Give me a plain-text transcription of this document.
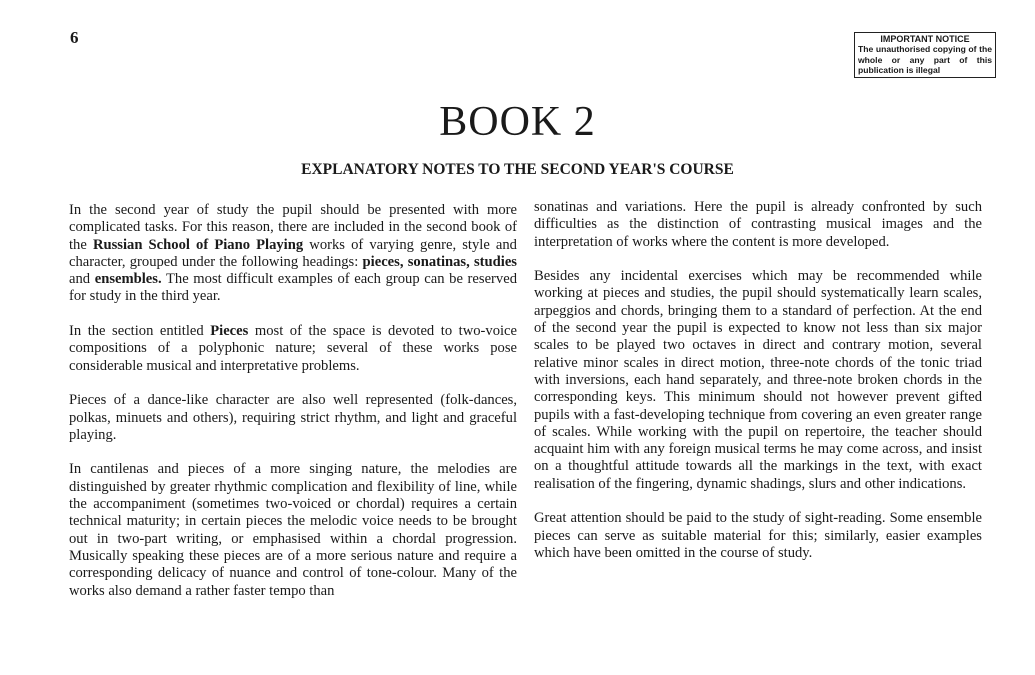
6	IMPORTANT NOTICE
The unauthorised copying of the whole or any part of this publication is illegal
BOOK 2
EXPLANATORY NOTES TO THE SECOND YEAR'S COURSE

In the second year of study the pupil should be presented with more complicated tasks. For this reason, there are included in the second book of the Russian School of Piano Playing works of varying genre, style and character, grouped under the following headings: pieces, sonatinas, studies and ensembles. The most difficult examples of each group can be reserved for study in the third year.

In the section entitled Pieces most of the space is devoted to two-voice compositions of a polyphonic nature; several of these works pose considerable musical and interpretative problems.

Pieces of a dance-like character are also well represented (folk-dances, polkas, minuets and others), requiring strict rhythm, and light and graceful playing.

In cantilenas and pieces of a more singing nature, the melodies are distinguished by greater rhythmic complication and flexibility of line, while the accompaniment (sometimes two-voiced or chordal) requires a certain technical maturity; in certain pieces the melodic voice needs to be brought out in two-part writing, or emphasised within a chordal progression. Musically speaking these pieces are of a more serious nature and require a corresponding delicacy of nuance and control of tone-colour. Many of the works also demand a rather faster tempo than

sonatinas and variations. Here the pupil is already confronted by such difficulties as the distinction of contrasting musical images and the interpretation of works where the content is more developed.

Besides any incidental exercises which may be recommended while working at pieces and studies, the pupil should systematically learn scales, arpeggios and chords, bringing them to a standard of perfection. At the end of the second year the pupil is expected to know not less than six major scales to be played two octaves in direct and contrary motion, several relative minor scales in direct motion, three-note chords of the tonic triad with inversions, each hand separately, and three-note broken chords in the corresponding keys. This minimum should not however prevent gifted pupils with a fast-developing technique from covering an even greater range of scales. While working with the pupil on repertoire, the teacher should acquaint him with any foreign musical terms he may come across, and insist on a thoughtful attitude towards all the markings in the text, with exact realisation of the fingering, dynamic shadings, slurs and other indications.

Great attention should be paid to the study of sight-reading. Some ensemble pieces can serve as suitable material for this; similarly, easier examples which have been omitted in the course of study.
